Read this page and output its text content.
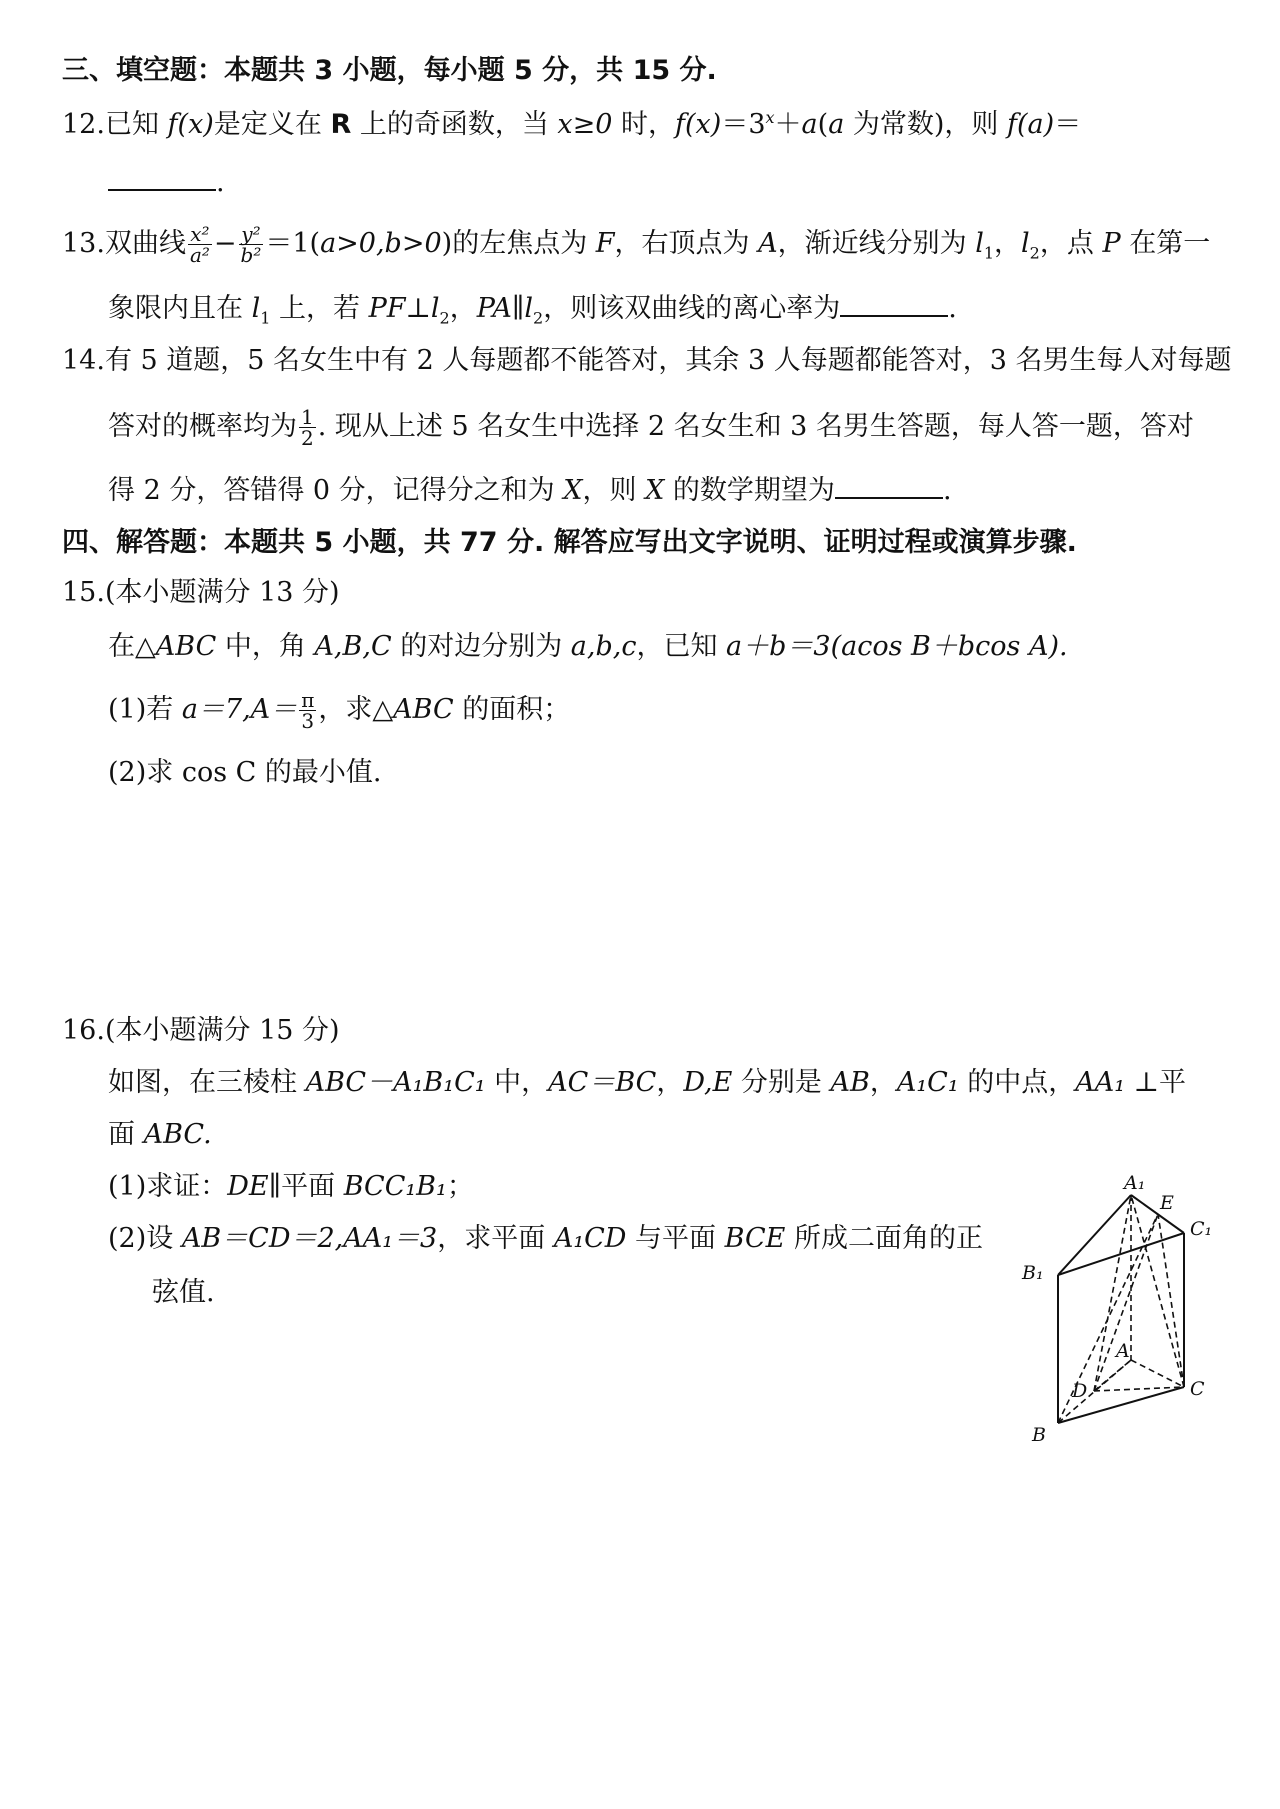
三、填空题：本题共 3 小题，每小题 5 分，共 15 分.
12.已知 f(x)是定义在 R 上的奇函数，当 x≥0 时，$f(x)=3^x+a(a$ 为常数)，则 f(a)＝
.
13.双曲线 $\frac{\text{x²}}{\text{a²}} - \frac{\text{y²}}{\text{b²}} =1(a>0,b>0)$的左焦点为 F，右顶点为 A，渐近线分别为 $l_1$，$l_2$，点 P 在第一
象限内且在 $l_1$ 上，若 $PF\perp l_2$，$PA\parallel l_2$，则该双曲线的离心率为	.
14.有 5 道题，5 名女生中有 2 人每题都不能答对，其余 3 人每题都能答对，3 名男生每人对每题
答对的概率均为 $\frac{1}{2}$ . 现从上述 5 名女生中选择 2 名女生和 3 名男生答题，每人答一题，答对
得 2 分，答错得 0 分，记得分之和为 X，则 X 的数学期望为	.
四、解答题：本题共 5 小题，共 77 分. 解答应写出文字说明、证明过程或演算步骤.
15.(本小题满分 13 分)
在△ABC 中，角 A,B,C 的对边分别为 a,b,c，已知 a＋b＝3(acos B＋bcos A).
(1)若 $a=7,A= \frac{\pi}{3}$ ，求△ABC 的面积；
(2)求 cos C 的最小值.
16.(本小题满分 15 分)
如图，在三棱柱 ABC－A₁B₁C₁ 中，AC＝BC，D,E 分别是 AB，A₁C₁ 的中点，AA₁ ⊥平
面 ABC.
(1)求证：DE∥平面 BCC₁B₁；
(2)设 AB＝CD＝2,AA₁＝3，求平面 A₁CD 与平面 BCE 所成二面角的正
弦值.
A₁
E
C₁
B₁
A
D	C
B
